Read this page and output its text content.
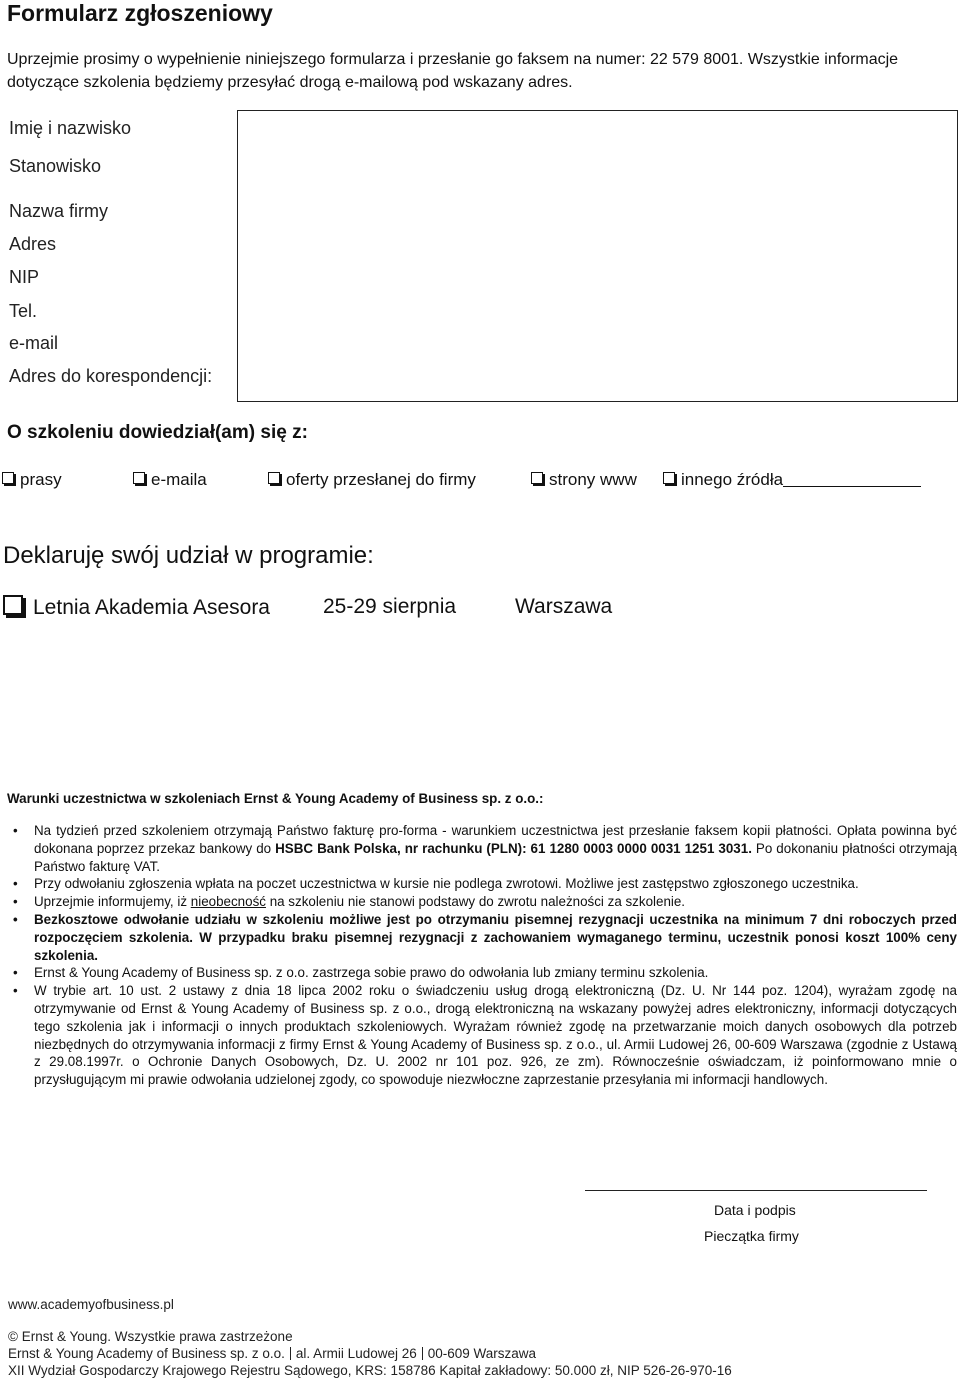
Formularz zgłoszeniowy
Uprzejmie prosimy o wypełnienie niniejszego formularza i przesłanie go faksem na numer: 22 579 8001. Wszystkie informacje dotyczące szkolenia będziemy przesyłać drogą e-mailową pod wskazany adres.
Imię i nazwisko
Stanowisko
Nazwa firmy
Adres
NIP
Tel.
e-mail
Adres do korespondencji:
O szkoleniu dowiedział(am) się z:
prasy	e-maila	oferty przesłanej do firmy	strony www	innego źródła
Deklaruję swój udział w programie:
Letnia Akademia Asesora	25-29 sierpnia	Warszawa
Warunki uczestnictwa w szkoleniach Ernst & Young Academy of Business sp. z o.o.:
• Na tydzień przed szkoleniem otrzymają Państwo fakturę pro-forma - warunkiem uczestnictwa jest przesłanie faksem kopii płatności. Opłata powinna być dokonana poprzez przekaz bankowy do HSBC Bank Polska, nr rachunku (PLN): 61 1280 0003 0000 0031 1251 3031. Po dokonaniu płatności otrzymają Państwo fakturę VAT.
• Przy odwołaniu zgłoszenia wpłata na poczet uczestnictwa w kursie nie podlega zwrotowi. Możliwe jest zastępstwo zgłoszonego uczestnika.
• Uprzejmie informujemy, iż nieobecność na szkoleniu nie stanowi podstawy do zwrotu należności za szkolenie.
• Bezkosztowe odwołanie udziału w szkoleniu możliwe jest po otrzymaniu pisemnej rezygnacji uczestnika na minimum 7 dni roboczych przed rozpoczęciem szkolenia. W przypadku braku pisemnej rezygnacji z zachowaniem wymaganego terminu, uczestnik ponosi koszt 100% ceny szkolenia.
• Ernst & Young Academy of Business sp. z o.o. zastrzega sobie prawo do odwołania lub zmiany terminu szkolenia.
• W trybie art. 10 ust. 2 ustawy z dnia 18 lipca 2002 roku o świadczeniu usług drogą elektroniczną (Dz. U. Nr 144 poz. 1204), wyrażam zgodę na otrzymywanie od Ernst & Young Academy of Business sp. z o.o., drogą elektroniczną na wskazany powyżej adres elektroniczny, informacji dotyczących tego szkolenia jak i informacji o innych produktach szkoleniowych. Wyrażam również zgodę na przetwarzanie moich danych osobowych dla potrzeb niezbędnych do otrzymywania informacji z firmy Ernst & Young Academy of Business sp. z o.o., ul. Armii Ludowej 26, 00-609 Warszawa (zgodnie z Ustawą z 29.08.1997r. o Ochronie Danych Osobowych, Dz. U. 2002 nr 101 poz. 926, ze zm). Równocześnie oświadczam, iż poinformowano mnie o przysługującym mi prawie odwołania udzielonej zgody, co spowoduje niezwłoczne zaprzestanie przesyłania mi informacji handlowych.
Data i podpis
Pieczątka firmy
www.academyofbusiness.pl
© Ernst & Young. Wszystkie prawa zastrzeżone
Ernst & Young Academy of Business sp. z o.o. al. Armii Ludowej 26 00-609 Warszawa
XII Wydział Gospodarczy Krajowego Rejestru Sądowego, KRS: 158786 Kapitał zakładowy: 50.000 zł, NIP 526-26-970-16
